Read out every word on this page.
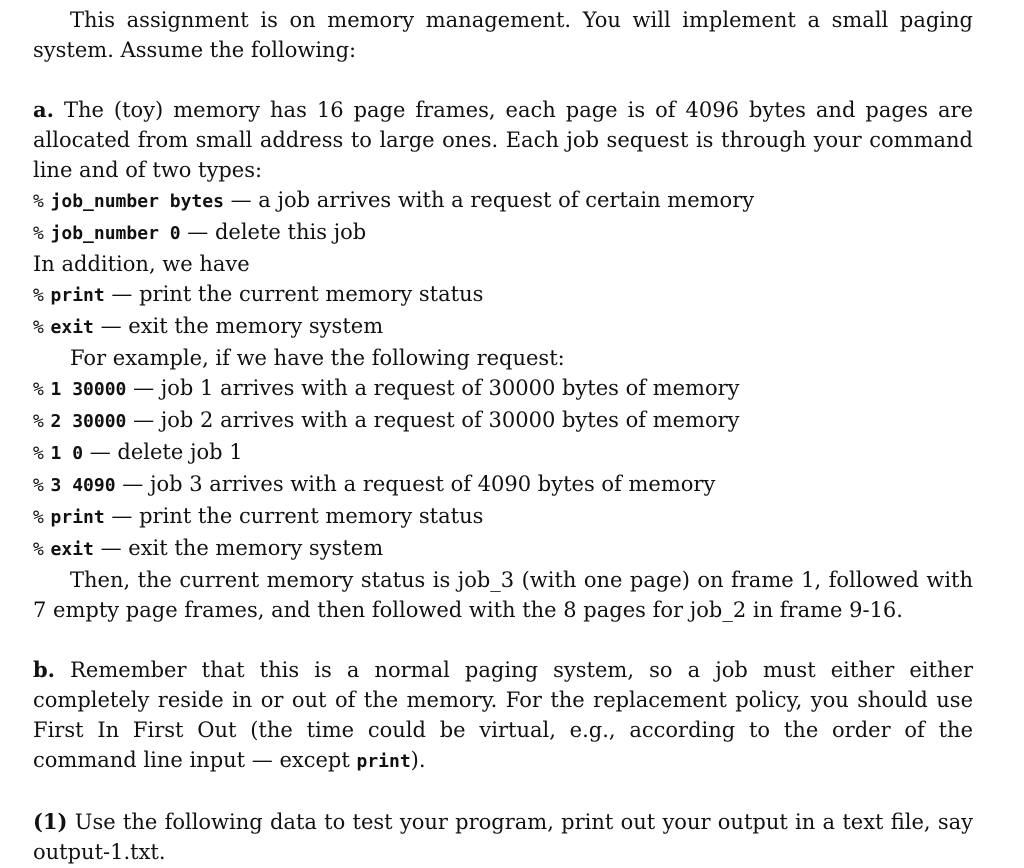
This assignment is on memory management. You will implement a small paging system. Assume the following:

a. The (toy) memory has 16 page frames, each page is of 4096 bytes and pages are allocated from small address to large ones. Each job sequest is through your command line and of two types:

% job_number bytes — a job arrives with a request of certain memory
% job_number 0 — delete this job

In addition, we have

% print — print the current memory status
% exit — exit the memory system

For example, if we have the following request:

% 1 30000 — job 1 arrives with a request of 30000 bytes of memory
% 2 30000 — job 2 arrives with a request of 30000 bytes of memory
% 1 0 — delete job 1
% 3 4090 — job 3 arrives with a request of 4090 bytes of memory
% print — print the current memory status
% exit — exit the memory system

Then, the current memory status is job_3 (with one page) on frame 1, followed with 7 empty page frames, and then followed with the 8 pages for job_2 in frame 9-16.

b. Remember that this is a normal paging system, so a job must either either completely reside in or out of the memory. For the replacement policy, you should use First In First Out (the time could be virtual, e.g., according to the order of the command line input — except print).

(1) Use the following data to test your program, print out your output in a text file, say output-1.txt.
